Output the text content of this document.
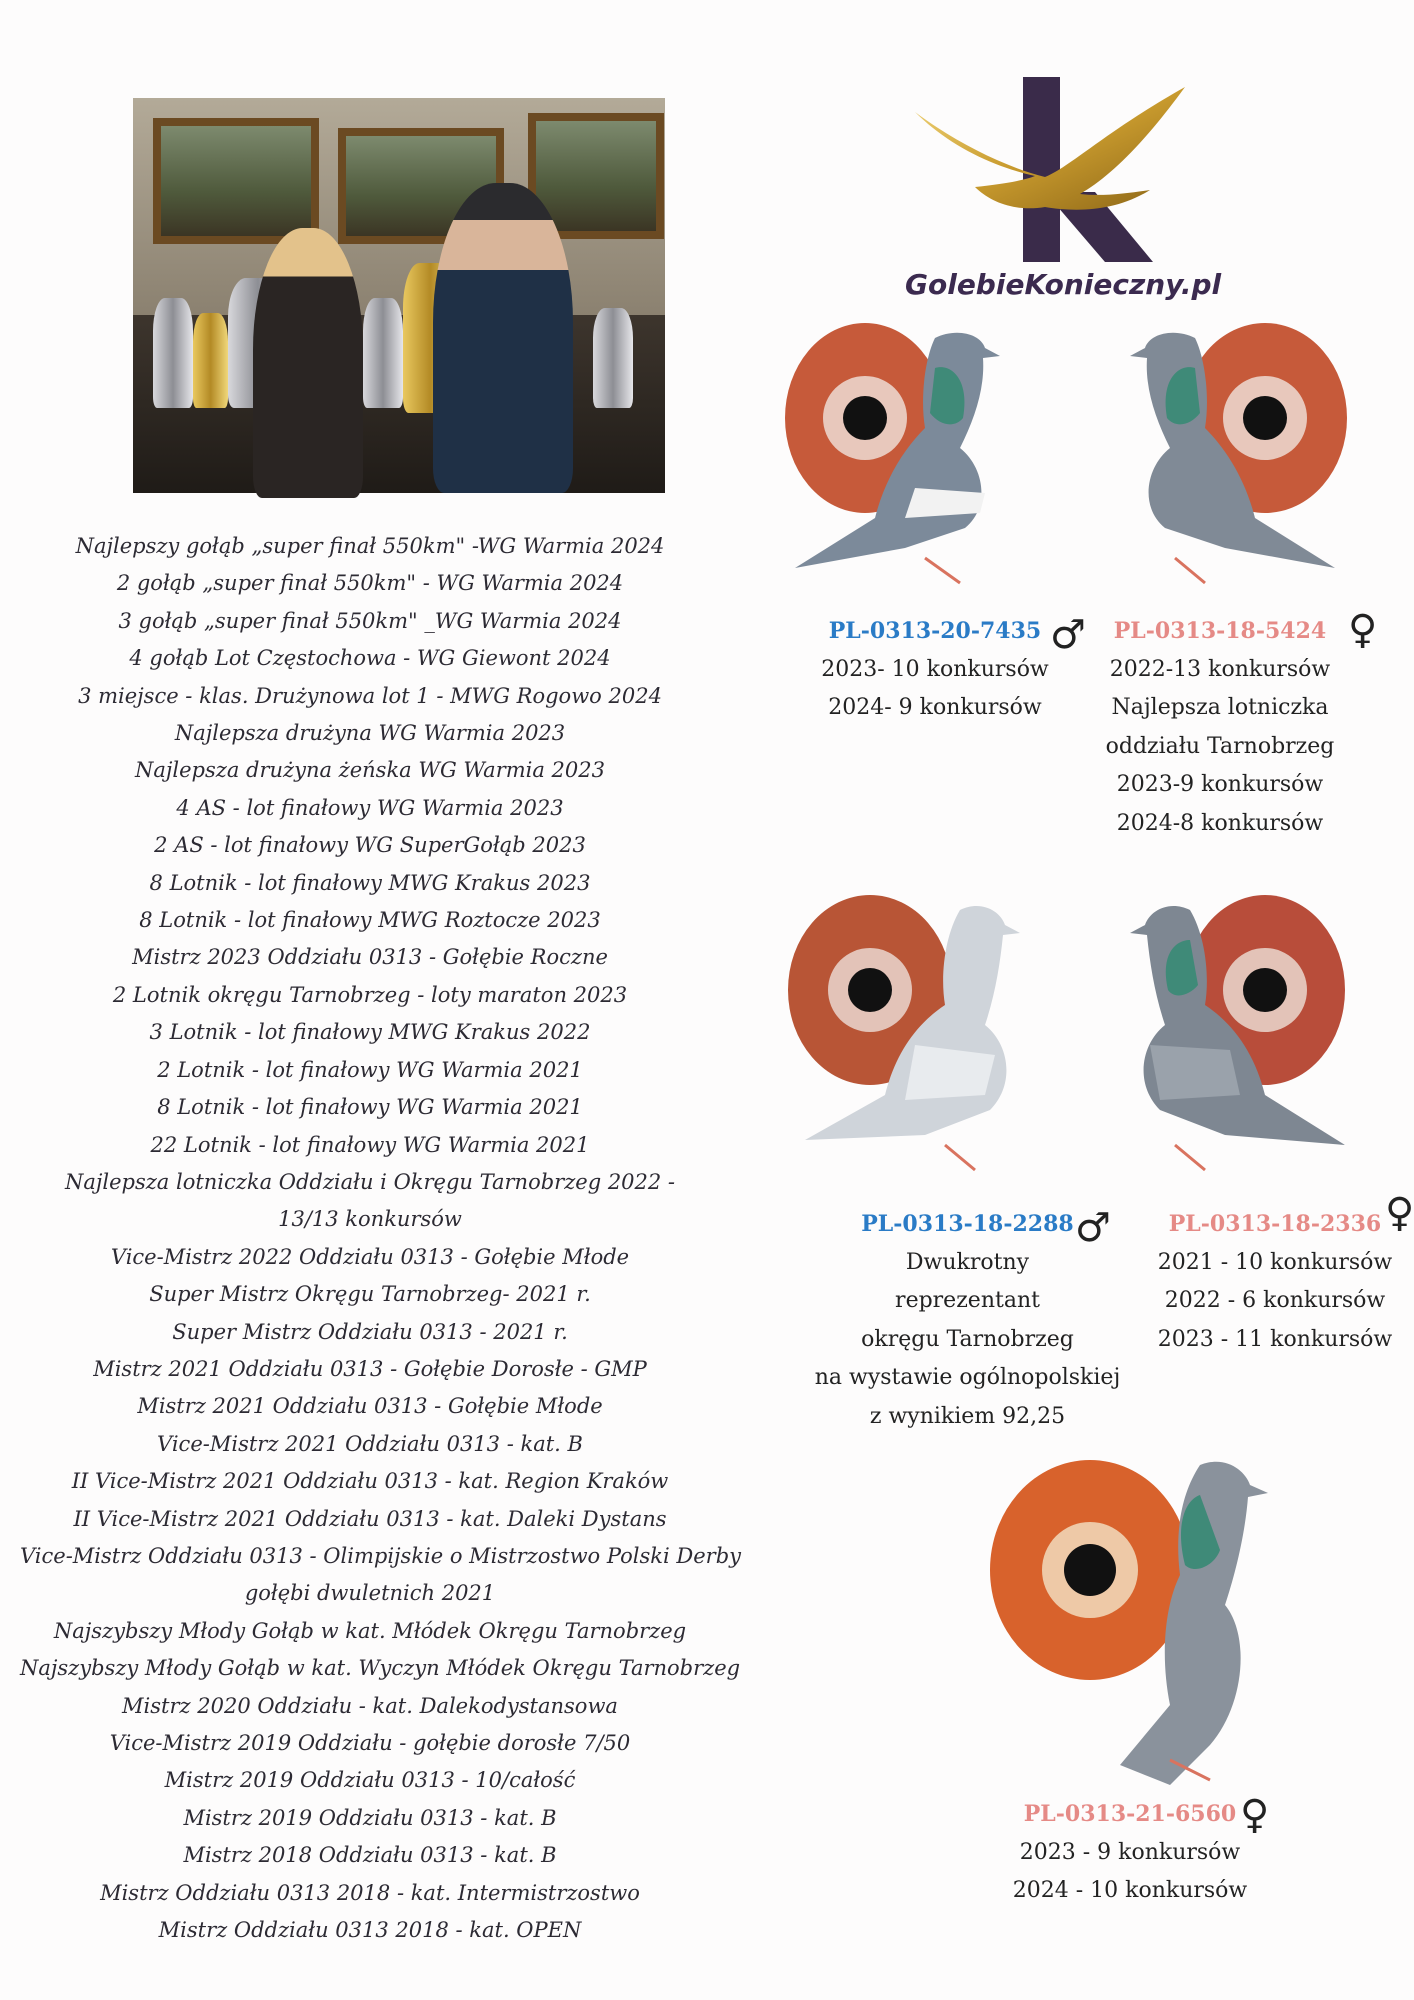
GolebieKonieczny.pl
Najlepszy gołąb „super finał 550km" -WG Warmia 2024
2 gołąb „super finał 550km" - WG Warmia 2024
3 gołąb „super finał 550km" _WG Warmia 2024
4 gołąb Lot Częstochowa - WG Giewont 2024
3 miejsce - klas. Drużynowa lot 1 - MWG Rogowo 2024
Najlepsza drużyna WG Warmia 2023
Najlepsza drużyna żeńska WG Warmia 2023
4 AS - lot finałowy WG Warmia 2023
2 AS - lot finałowy WG SuperGołąb 2023
8 Lotnik - lot finałowy MWG Krakus 2023
8 Lotnik - lot finałowy MWG Roztocze 2023
Mistrz 2023 Oddziału 0313 - Gołębie Roczne
2 Lotnik okręgu Tarnobrzeg - loty maraton 2023
3 Lotnik - lot finałowy MWG Krakus 2022
2 Lotnik - lot finałowy WG Warmia 2021
8 Lotnik - lot finałowy WG Warmia 2021
22 Lotnik - lot finałowy WG Warmia 2021
Najlepsza lotniczka Oddziału i Okręgu Tarnobrzeg 2022 -
13/13 konkursów
Vice-Mistrz 2022 Oddziału 0313 - Gołębie Młode
Super Mistrz Okręgu Tarnobrzeg- 2021 r.
Super Mistrz Oddziału 0313 - 2021 r.
Mistrz 2021 Oddziału 0313 - Gołębie Dorosłe - GMP
Mistrz 2021 Oddziału 0313 - Gołębie Młode
Vice-Mistrz 2021 Oddziału 0313 - kat. B
II Vice-Mistrz 2021 Oddziału 0313 - kat. Region Kraków
II Vice-Mistrz 2021 Oddziału 0313 - kat. Daleki Dystans
Vice-Mistrz Oddziału 0313 - Olimpijskie o Mistrzostwo Polski Derby
gołębi dwuletnich 2021
Najszybszy Młody Gołąb w kat. Młódek Okręgu Tarnobrzeg
Najszybszy Młody Gołąb w kat. Wyczyn Młódek Okręgu Tarnobrzeg
Mistrz 2020 Oddziału - kat. Dalekodystansowa
Vice-Mistrz 2019 Oddziału - gołębie dorosłe 7/50
Mistrz 2019 Oddziału 0313 - 10/całość
Mistrz 2019 Oddziału 0313 - kat. B
Mistrz 2018 Oddziału 0313 - kat. B
Mistrz Oddziału 0313 2018 - kat. Intermistrzostwo
Mistrz Oddziału 0313 2018 - kat. OPEN
PL-0313-20-7435
2023- 10 konkursów
2024- 9 konkursów
♂	PL-0313-18-5424
2022-13 konkursów
Najlepsza lotniczka
oddziału Tarnobrzeg
2023-9 konkursów
2024-8 konkursów
♀
PL-0313-18-2288
Dwukrotny
reprezentant
okręgu Tarnobrzeg
na wystawie ogólnopolskiej
z wynikiem 92,25
♂	PL-0313-18-2336
2021 - 10 konkursów
2022 - 6 konkursów
2023 - 11 konkursów
♀
PL-0313-21-6560
2023 - 9 konkursów
2024 - 10 konkursów
♀
